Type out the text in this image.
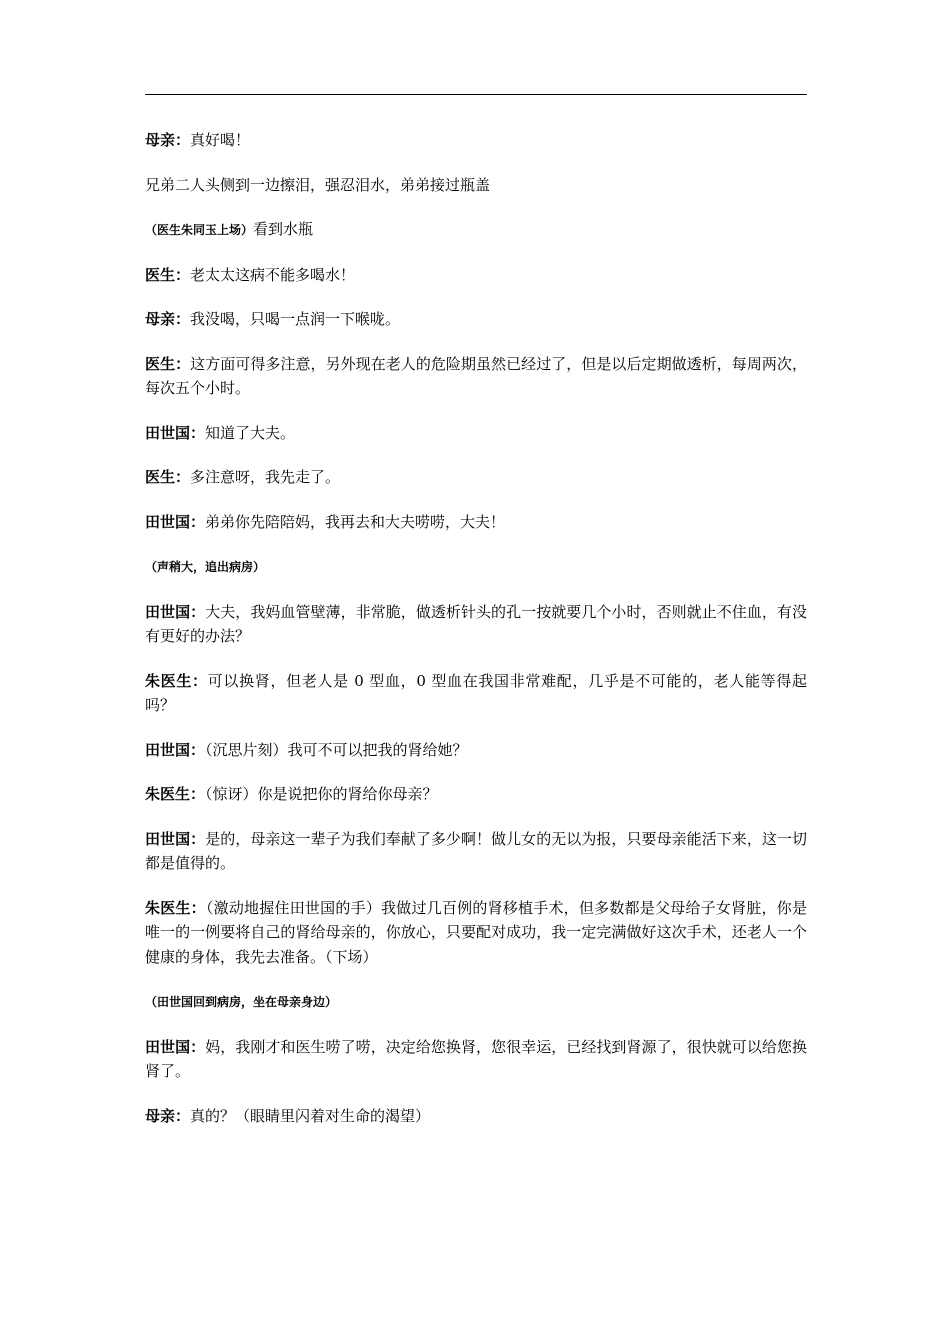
母亲：真好喝！

兄弟二人头侧到一边擦泪，强忍泪水，弟弟接过瓶盖

（医生朱同玉上场）看到水瓶

医生：老太太这病不能多喝水！

母亲：我没喝，只喝一点润一下喉咙。

医生：这方面可得多注意，另外现在老人的危险期虽然已经过了，但是以后定期做透析，每周两次，每次五个小时。

田世国：知道了大夫。

医生：多注意呀，我先走了。

田世国：弟弟你先陪陪妈，我再去和大夫唠唠，大夫！

（声稍大，追出病房）

田世国：大夫，我妈血管壁薄，非常脆，做透析针头的孔一按就要几个小时，否则就止不住血，有没有更好的办法？

朱医生：可以换肾，但老人是 0 型血，0 型血在我国非常难配，几乎是不可能的，老人能等得起吗？

田世国：（沉思片刻）我可不可以把我的肾给她？

朱医生：（惊讶）你是说把你的肾给你母亲？

田世国：是的，母亲这一辈子为我们奉献了多少啊！做儿女的无以为报，只要母亲能活下来，这一切都是值得的。

朱医生：（激动地握住田世国的手）我做过几百例的肾移植手术，但多数都是父母给子女肾脏，你是唯一的一例要将自己的肾给母亲的，你放心，只要配对成功，我一定完满做好这次手术，还老人一个健康的身体，我先去准备。（下场）

（田世国回到病房，坐在母亲身边）

田世国：妈，我刚才和医生唠了唠，决定给您换肾，您很幸运，已经找到肾源了，很快就可以给您换肾了。

母亲：真的？（眼睛里闪着对生命的渴望）
